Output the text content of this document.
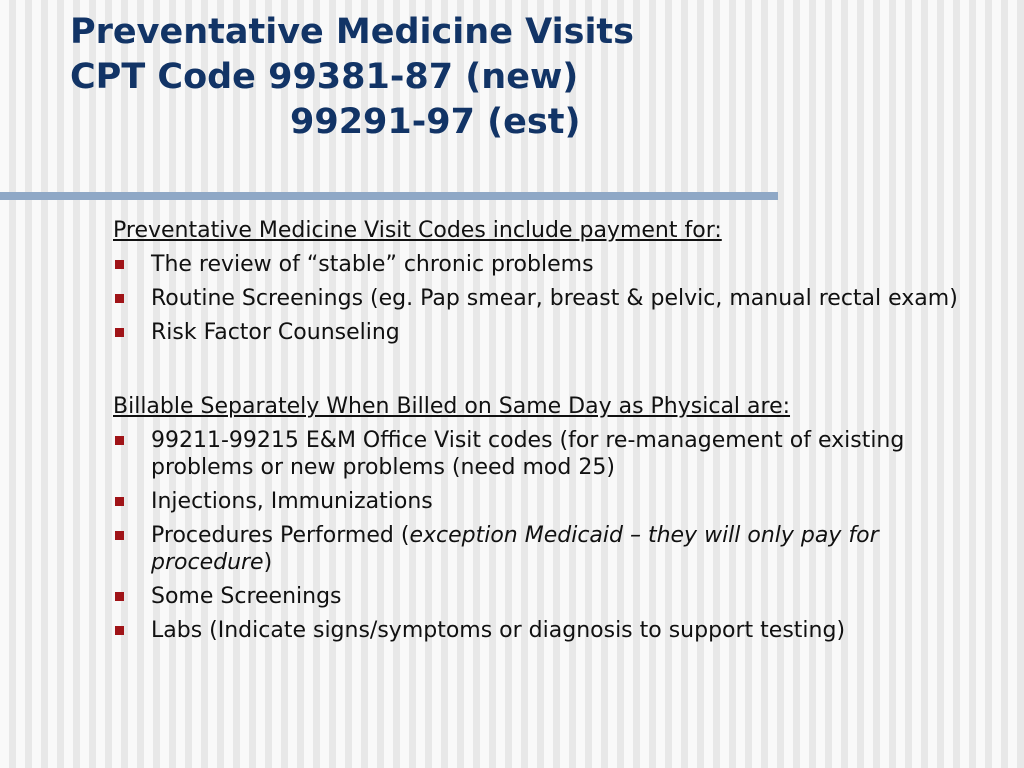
Preventative Medicine Visits
CPT Code 99381-87 (new)
99291-97 (est)
Preventative Medicine Visit Codes include payment for:
The review of “stable” chronic problems
Routine Screenings (eg. Pap smear, breast & pelvic, manual rectal exam)
Risk Factor Counseling
Billable Separately When Billed on Same Day as Physical are:
99211-99215 E&M Office Visit codes (for re-management of existing problems or new problems (need mod 25)
Injections, Immunizations
Procedures Performed (exception Medicaid – they will only pay for procedure)
Some Screenings
Labs (Indicate signs/symptoms or diagnosis to support testing)
